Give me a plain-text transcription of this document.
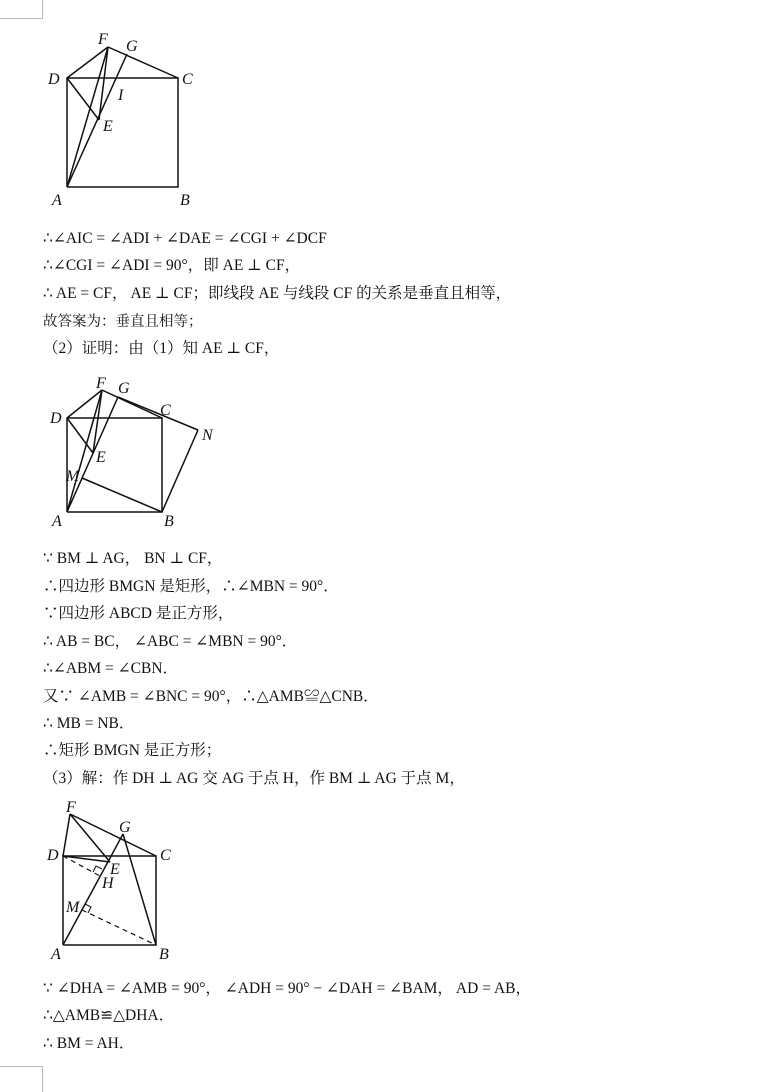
F G
D	C
I
E
A	B
∴∠AIC = ∠ADI + ∠DAE = ∠CGI + ∠DCF
∴∠CGI = ∠ADI = 90°，即 AE ⊥ CF，
∴ AE = CF， AE ⊥ CF；即线段 AE 与线段 CF 的关系是垂直且相等，
故答案为：垂直且相等；
（2）证明：由（1）知 AE ⊥ CF，
F G
D	C
N
E
M
A	B
∵ BM ⊥ AG， BN ⊥ CF，
∴四边形 BMGN 是矩形，∴∠MBN = 90°．
∵四边形 ABCD 是正方形，
∴ AB = BC， ∠ABC = ∠MBN = 90°．
∴∠ABM = ∠CBN．
又∵ ∠AMB = ∠BNC = 90°，∴△AMB≌△CNB．
∴ MB = NB．
∴矩形 BMGN 是正方形；
（3）解：作 DH ⊥ AG 交 AG 于点 H，作 BM ⊥ AG 于点 M，
F
G
D	C
E
H
M
A	B
∵ ∠DHA = ∠AMB = 90°， ∠ADH = 90° − ∠DAH = ∠BAM， AD = AB，
∴△AMB≌△DHA．
∴ BM = AH．
